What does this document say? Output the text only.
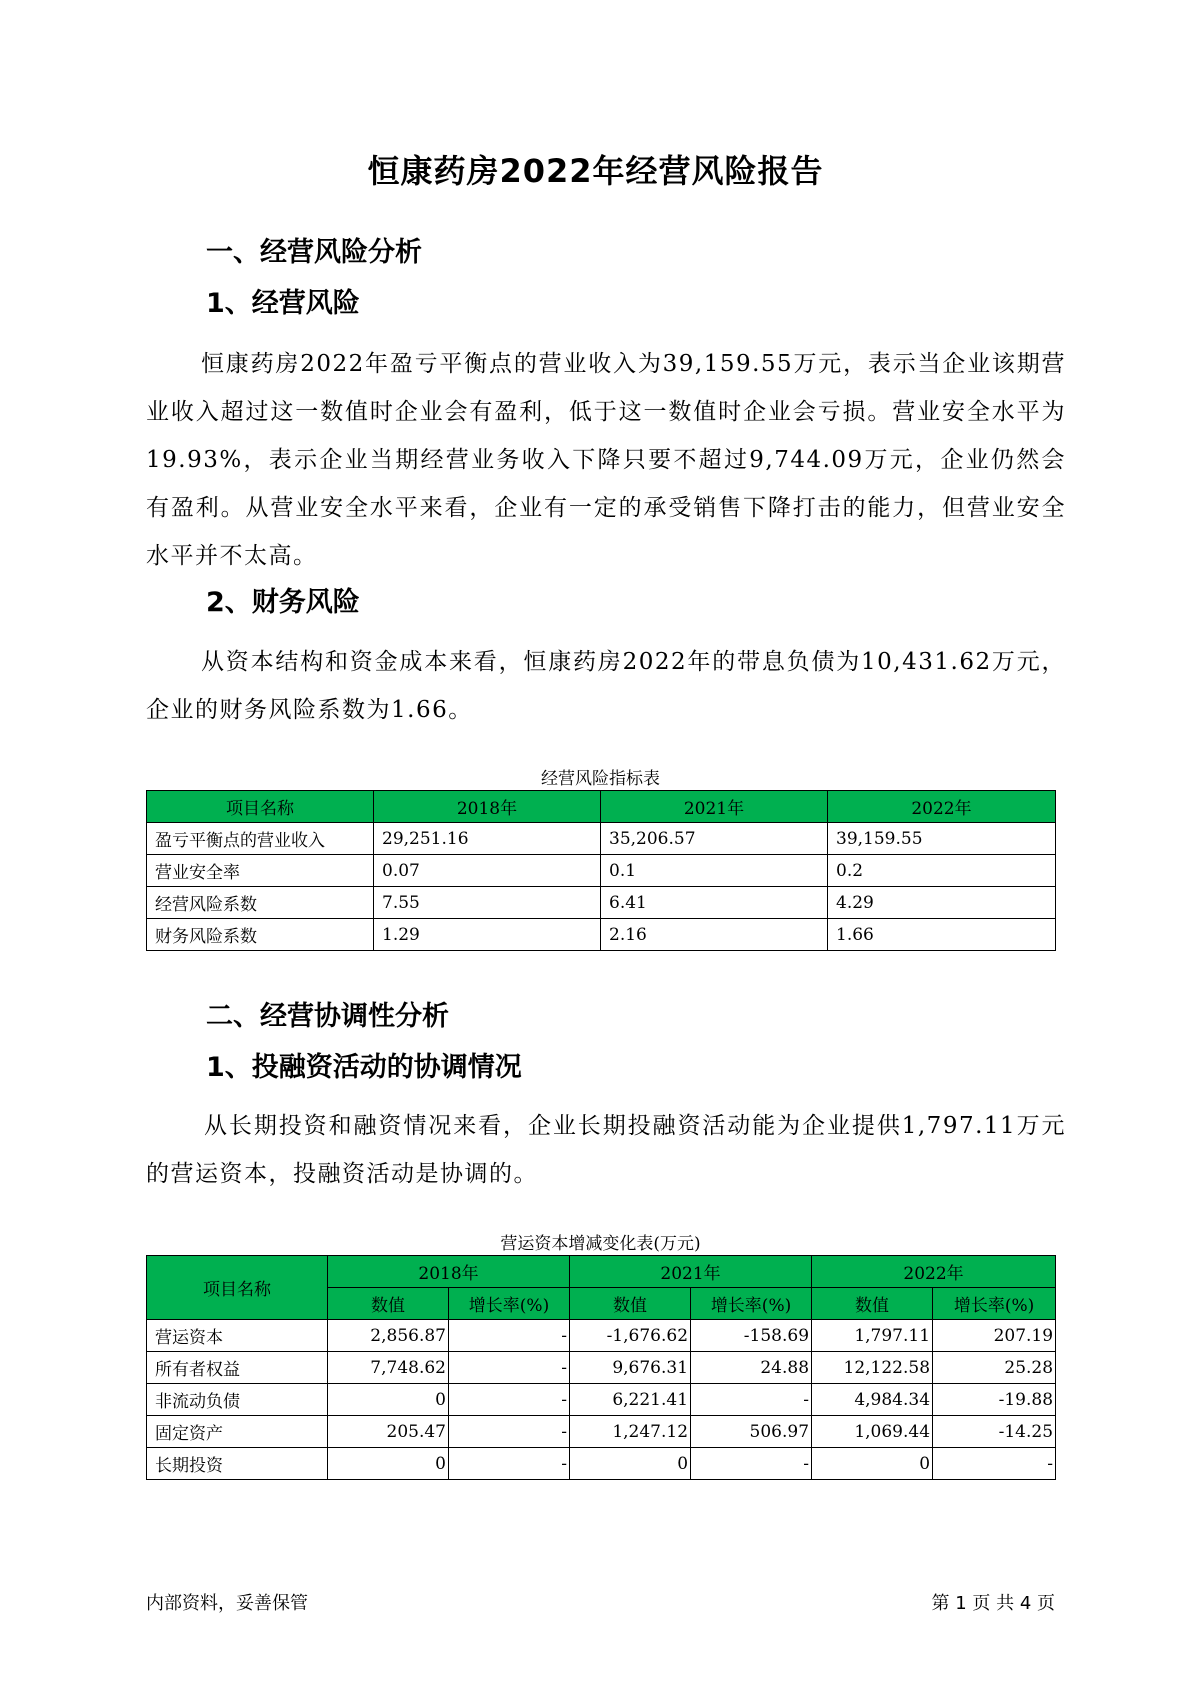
恒康药房2022年经营风险报告
一、经营风险分析
1、经营风险

恒康药房2022年盈亏平衡点的营业收入为39,159.55万元，表示当企业该期营业收入超过这一数值时企业会有盈利，低于这一数值时企业会亏损。营业安全水平为19.93%，表示企业当期经营业务收入下降只要不超过9,744.09万元，企业仍然会有盈利。从营业安全水平来看，企业有一定的承受销售下降打击的能力，但营业安全水平并不太高。

2、财务风险

从资本结构和资金成本来看，恒康药房2022年的带息负债为10,431.62万元，企业的财务风险系数为1.66。

经营风险指标表

项目名称	2018年	2021年	2022年
盈亏平衡点的营业收入	29,251.16	35,206.57	39,159.55
营业安全率	0.07	0.1	0.2
经营风险系数	7.55	6.41	4.29
财务风险系数	1.29	2.16	1.66
二、经营协调性分析
1、投融资活动的协调情况

从长期投资和融资情况来看，企业长期投融资活动能为企业提供1,797.11万元的营运资本，投融资活动是协调的。

营运资本增减变化表(万元)

项目名称	2018年		2021年		2022年	
	数值	增长率(%)	数值	增长率(%)	数值	增长率(%)
营运资本	2,856.87	-	-1,676.62	-158.69	1,797.11	207.19
所有者权益	7,748.62	-	9,676.31	24.88	12,122.58	25.28
非流动负债	0	-	6,221.41	-	4,984.34	-19.88
固定资产	205.47	-	1,247.12	506.97	1,069.44	-14.25
长期投资	0	-	0	-	0	-
内部资料，妥善保管	第 1 页 共 4 页
